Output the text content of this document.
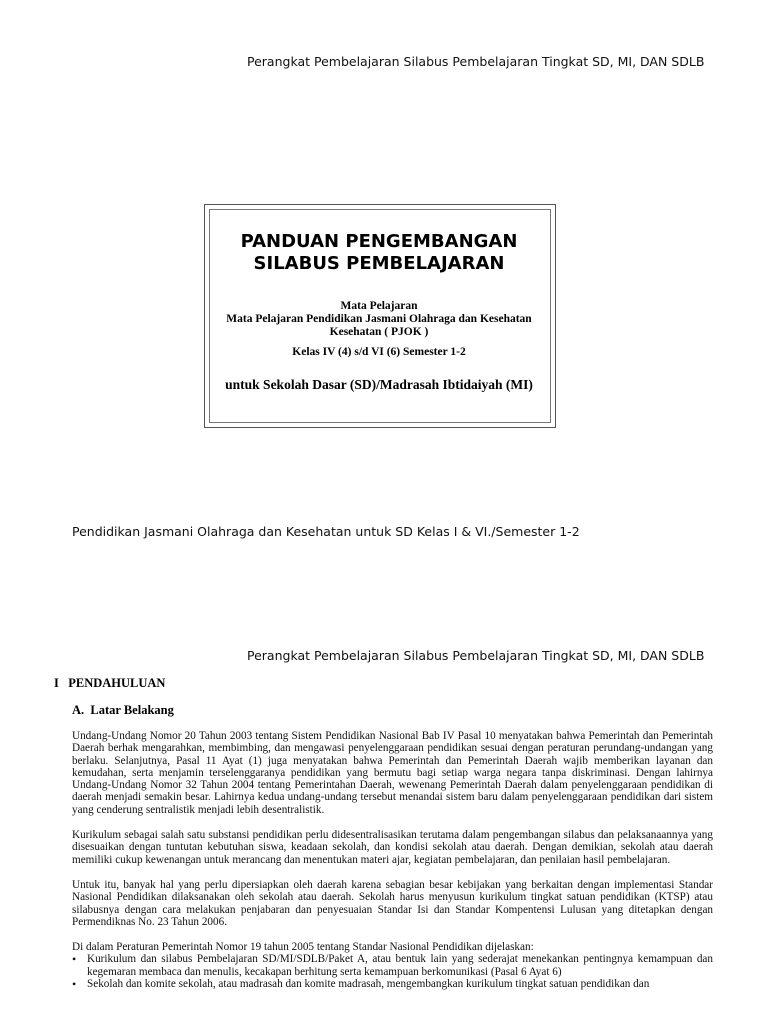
Perangkat Pembelajaran Silabus Pembelajaran Tingkat SD, MI, DAN SDLB
PANDUAN PENGEMBANGAN
SILABUS PEMBELAJARAN
Mata Pelajaran
Mata Pelajaran Pendidikan Jasmani Olahraga dan Kesehatan
Kesehatan ( PJOK )
Kelas IV (4) s/d VI (6) Semester 1-2
untuk Sekolah Dasar (SD)/Madrasah Ibtidaiyah (MI)
Pendidikan Jasmani Olahraga dan Kesehatan untuk SD Kelas I & VI./Semester 1-2
Perangkat Pembelajaran Silabus Pembelajaran Tingkat SD, MI, DAN SDLB
I   PENDAHULUAN
A.  Latar Belakang
Undang-Undang Nomor 20 Tahun 2003 tentang Sistem Pendidikan Nasional Bab IV Pasal 10 menyatakan bahwa Pemerintah dan Pemerintah Daerah berhak mengarahkan, membimbing, dan mengawasi penyelenggaraan pendidikan sesuai dengan peraturan perundang-undangan yang berlaku. Selanjutnya, Pasal 11 Ayat (1) juga menyatakan bahwa Pemerintah dan Pemerintah Daerah wajib memberikan layanan dan kemudahan, serta menjamin terselenggaranya pendidikan yang bermutu bagi setiap warga negara tanpa diskriminasi. Dengan lahirnya Undang-Undang Nomor 32 Tahun 2004 tentang Pemerintahan Daerah, wewenang Pemerintah Daerah dalam penyelenggaraan pendidikan di daerah menjadi semakin besar. Lahirnya kedua undang-undang tersebut menandai sistem baru dalam penyelenggaraan pendidikan dari sistem yang cenderung sentralistik menjadi lebih desentralistik.
Kurikulum sebagai salah satu substansi pendidikan perlu didesentralisasikan terutama dalam pengembangan silabus dan pelaksanaannya yang disesuaikan dengan tuntutan kebutuhan siswa, keadaan sekolah, dan kondisi sekolah atau daerah. Dengan demikian, sekolah atau daerah memiliki cukup kewenangan untuk merancang dan menentukan materi ajar, kegiatan pembelajaran, dan penilaian hasil pembelajaran.
Untuk itu, banyak hal yang perlu dipersiapkan oleh daerah karena sebagian besar kebijakan yang berkaitan dengan implementasi Standar Nasional Pendidikan dilaksanakan oleh sekolah atau daerah. Sekolah harus menyusun kurikulum tingkat satuan pendidikan (KTSP) atau silabusnya dengan cara melakukan penjabaran dan penyesuaian Standar Isi dan Standar Kompentensi Lulusan yang ditetapkan dengan Permendiknas No. 23 Tahun 2006.
Di dalam Peraturan Pemerintah Nomor 19 tahun 2005 tentang Standar Nasional Pendidikan dijelaskan:
• Kurikulum dan silabus Pembelajaran SD/MI/SDLB/Paket A, atau bentuk lain yang sederajat menekankan pentingnya kemampuan dan kegemaran membaca dan menulis, kecakapan berhitung serta kemampuan berkomunikasi (Pasal 6 Ayat 6)
• Sekolah dan komite sekolah, atau madrasah dan komite madrasah, mengembangkan kurikulum tingkat satuan pendidikan dan
